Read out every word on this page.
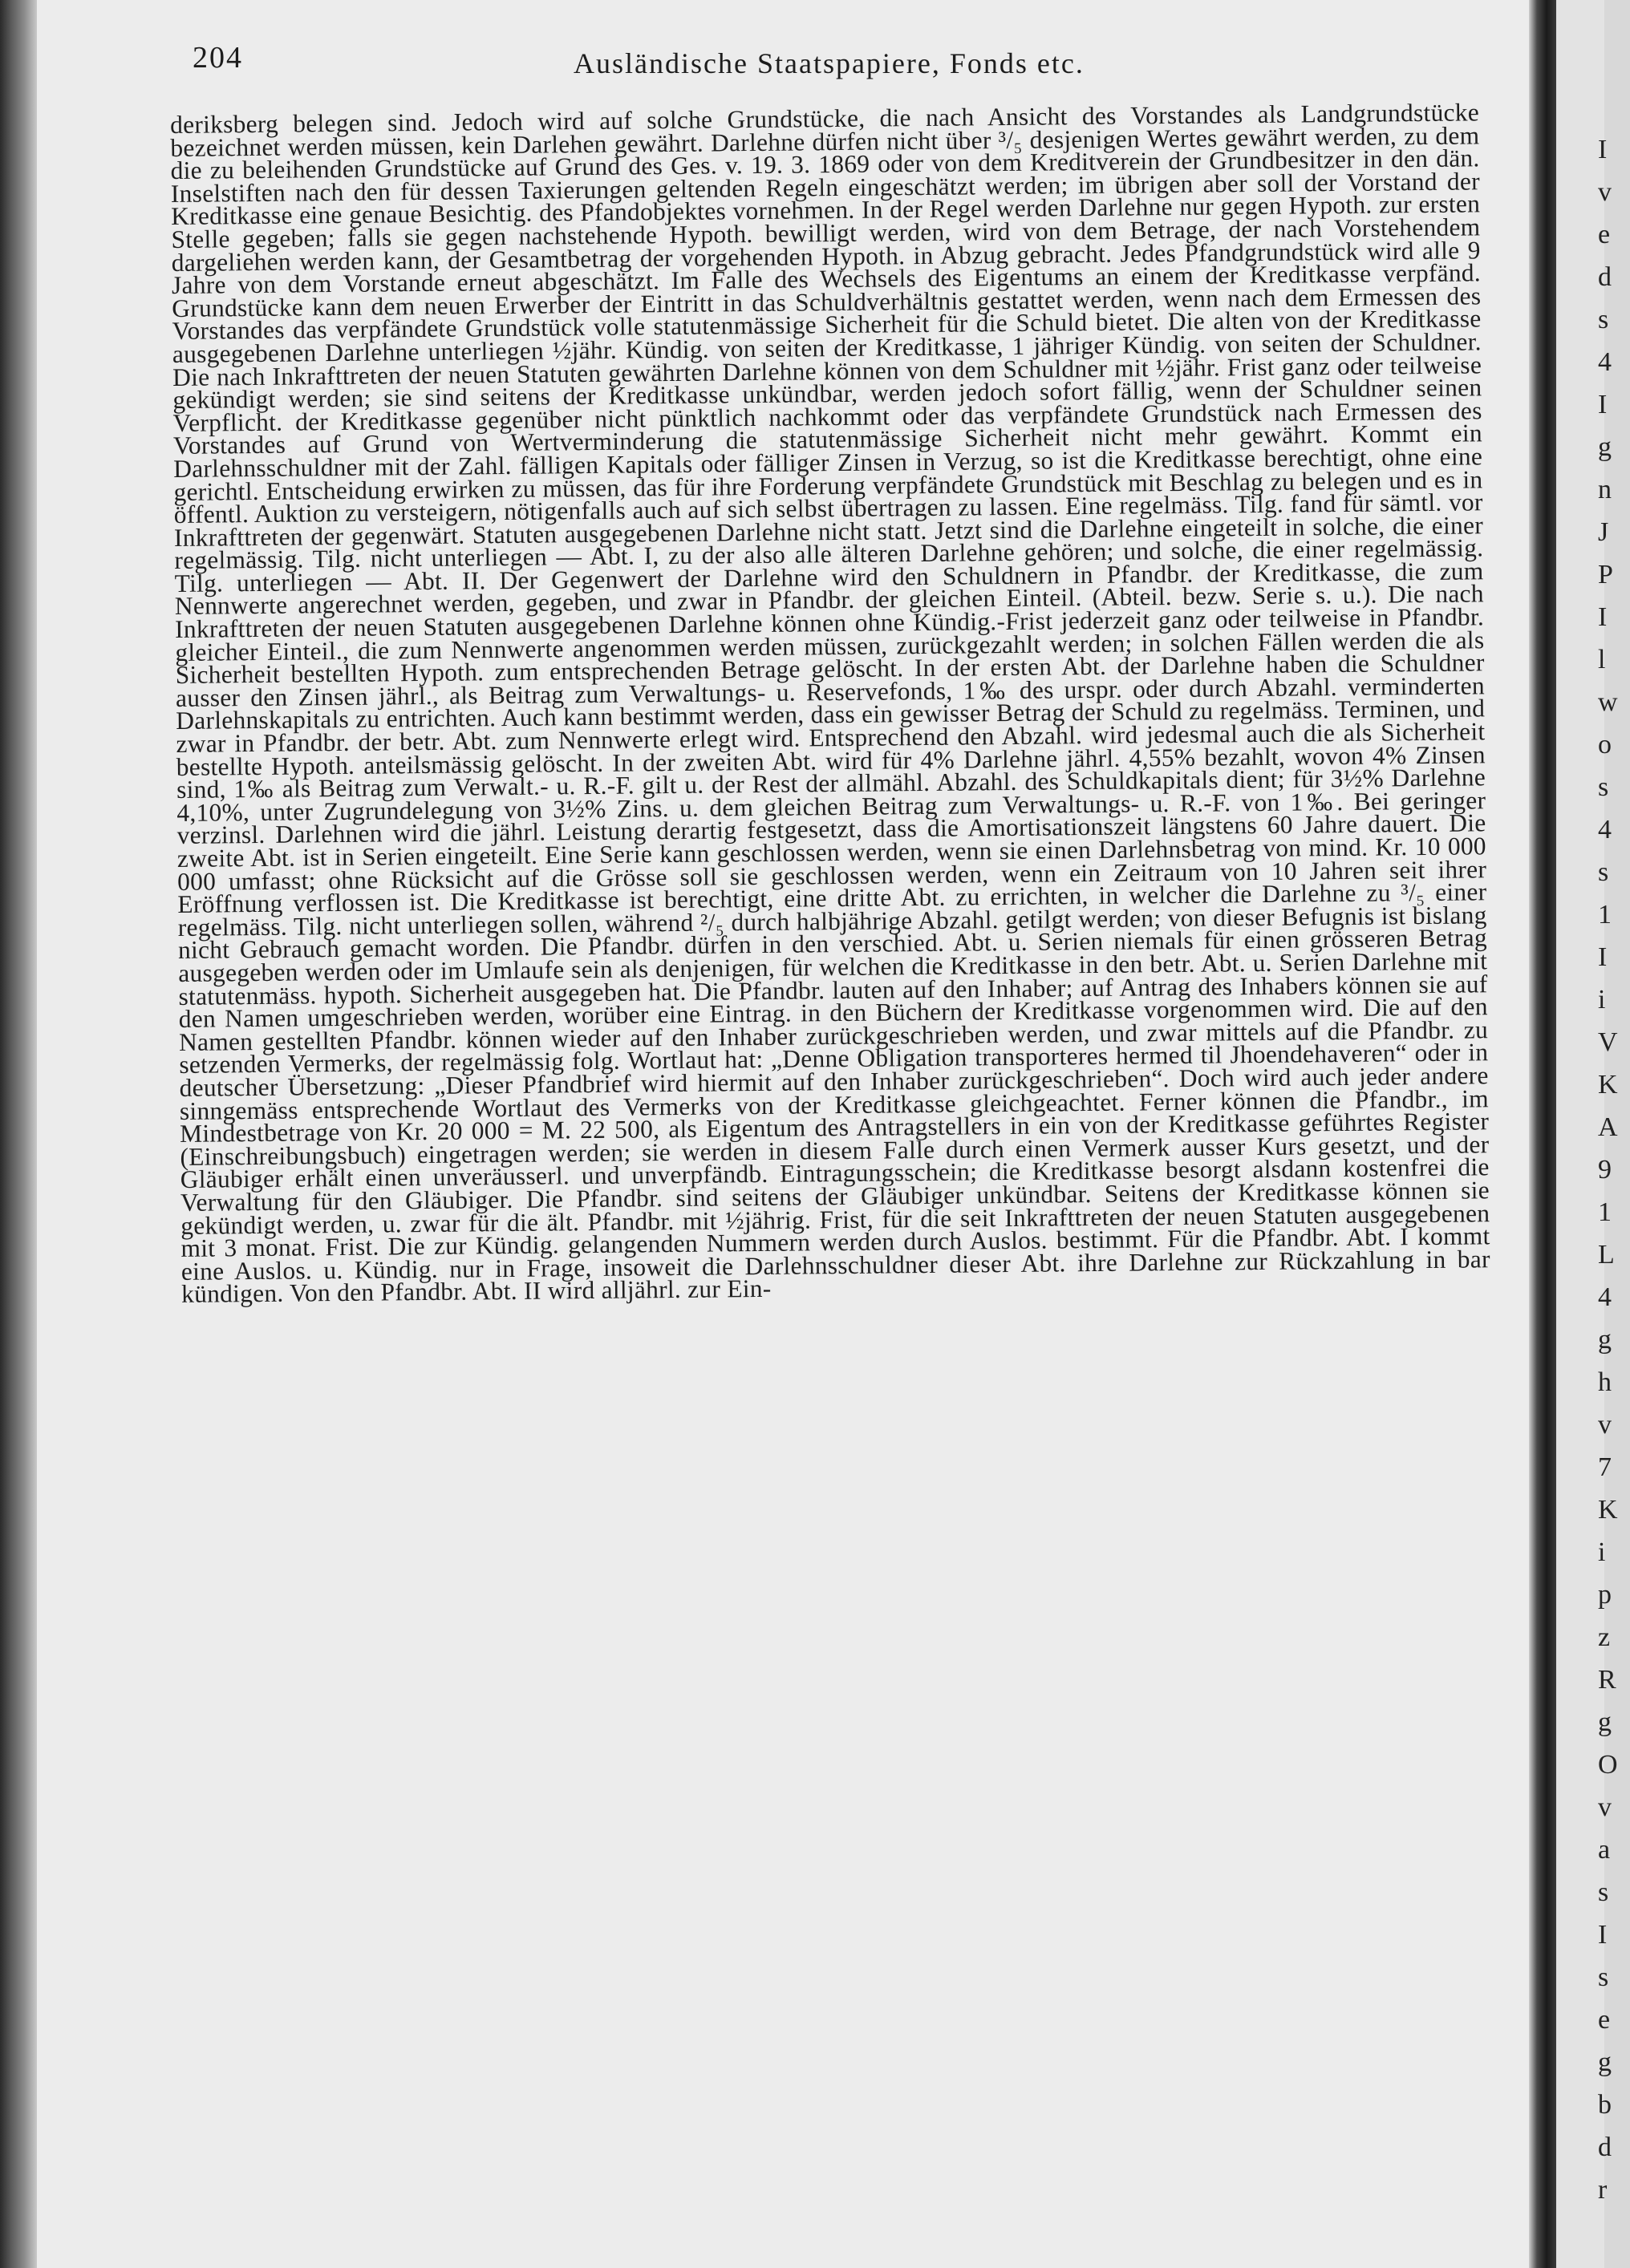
204	Ausländische Staatspapiere, Fonds etc.

deriksberg belegen sind. Jedoch wird auf solche Grundstücke, die nach Ansicht des Vorstandes als Landgrundstücke bezeichnet werden müssen, kein Darlehen gewährt. Darlehne dürfen nicht über ³/₅ desjenigen Wertes gewährt werden, zu dem die zu beleihenden Grundstücke auf Grund des Ges. v. 19. 3. 1869 oder von dem Kreditverein der Grundbesitzer in den dän. Inselstiften nach den für dessen Taxierungen geltenden Regeln eingeschätzt werden; im übrigen aber soll der Vorstand der Kreditkasse eine genaue Besichtig. des Pfandobjektes vornehmen. In der Regel werden Darlehne nur gegen Hypoth. zur ersten Stelle gegeben; falls sie gegen nachstehende Hypoth. bewilligt werden, wird von dem Betrage, der nach Vorstehendem dargeliehen werden kann, der Gesamtbetrag der vorgehenden Hypoth. in Abzug gebracht. Jedes Pfandgrundstück wird alle 9 Jahre von dem Vorstande erneut abgeschätzt. Im Falle des Wechsels des Eigentums an einem der Kreditkasse verpfänd. Grundstücke kann dem neuen Erwerber der Eintritt in das Schuldverhältnis gestattet werden, wenn nach dem Ermessen des Vorstandes das verpfändete Grundstück volle statutenmässige Sicherheit für die Schuld bietet. Die alten von der Kreditkasse ausgegebenen Darlehne unterliegen ½jähr. Kündig. von seiten der Kreditkasse, 1 jähriger Kündig. von seiten der Schuldner. Die nach Inkrafttreten der neuen Statuten gewährten Darlehne können von dem Schuldner mit ½jähr. Frist ganz oder teilweise gekündigt werden; sie sind seitens der Kreditkasse unkündbar, werden jedoch sofort fällig, wenn der Schuldner seinen Verpflicht. der Kreditkasse gegenüber nicht pünktlich nachkommt oder das verpfändete Grundstück nach Ermessen des Vorstandes auf Grund von Wertverminderung die statutenmässige Sicherheit nicht mehr gewährt. Kommt ein Darlehnsschuldner mit der Zahl. fälligen Kapitals oder fälliger Zinsen in Verzug, so ist die Kreditkasse berechtigt, ohne eine gerichtl. Entscheidung erwirken zu müssen, das für ihre Forderung verpfändete Grundstück mit Beschlag zu belegen und es in öffentl. Auktion zu versteigern, nötigenfalls auch auf sich selbst übertragen zu lassen. Eine regelmäss. Tilg. fand für sämtl. vor Inkrafttreten der gegenwärt. Statuten ausgegebenen Darlehne nicht statt. Jetzt sind die Darlehne eingeteilt in solche, die einer regelmässig. Tilg. nicht unterliegen — Abt. I, zu der also alle älteren Darlehne gehören; und solche, die einer regelmässig. Tilg. unterliegen — Abt. II. Der Gegenwert der Darlehne wird den Schuldnern in Pfandbr. der Kreditkasse, die zum Nennwerte angerechnet werden, gegeben, und zwar in Pfandbr. der gleichen Einteil. (Abteil. bezw. Serie s. u.). Die nach Inkrafttreten der neuen Statuten ausgegebenen Darlehne können ohne Kündig.-Frist jederzeit ganz oder teilweise in Pfandbr. gleicher Einteil., die zum Nennwerte angenommen werden müssen, zurückgezahlt werden; in solchen Fällen werden die als Sicherheit bestellten Hypoth. zum entsprechenden Betrage gelöscht. In der ersten Abt. der Darlehne haben die Schuldner ausser den Zinsen jährl., als Beitrag zum Verwaltungs- u. Reservefonds, 1‰ des urspr. oder durch Abzahl. verminderten Darlehnskapitals zu entrichten. Auch kann bestimmt werden, dass ein gewisser Betrag der Schuld zu regelmäss. Terminen, und zwar in Pfandbr. der betr. Abt. zum Nennwerte erlegt wird. Entsprechend den Abzahl. wird jedesmal auch die als Sicherheit bestellte Hypoth. anteilsmässig gelöscht. In der zweiten Abt. wird für 4% Darlehne jährl. 4,55% bezahlt, wovon 4% Zinsen sind, 1‰ als Beitrag zum Verwalt.- u. R.-F. gilt u. der Rest der allmähl. Abzahl. des Schuldkapitals dient; für 3½% Darlehne 4,10%, unter Zugrundelegung von 3½% Zins. u. dem gleichen Beitrag zum Verwaltungs- u. R.-F. von 1‰. Bei geringer verzinsl. Darlehnen wird die jährl. Leistung derartig festgesetzt, dass die Amortisationszeit längstens 60 Jahre dauert. Die zweite Abt. ist in Serien eingeteilt. Eine Serie kann geschlossen werden, wenn sie einen Darlehnsbetrag von mind. Kr. 10 000 000 umfasst; ohne Rücksicht auf die Grösse soll sie geschlossen werden, wenn ein Zeitraum von 10 Jahren seit ihrer Eröffnung verflossen ist. Die Kreditkasse ist berechtigt, eine dritte Abt. zu errichten, in welcher die Darlehne zu ³/₅ einer regelmäss. Tilg. nicht unterliegen sollen, während ²/₅ durch halbjährige Abzahl. getilgt werden; von dieser Befugnis ist bislang nicht Gebrauch gemacht worden. Die Pfandbr. dürfen in den verschied. Abt. u. Serien niemals für einen grösseren Betrag ausgegeben werden oder im Umlaufe sein als denjenigen, für welchen die Kreditkasse in den betr. Abt. u. Serien Darlehne mit statutenmäss. hypoth. Sicherheit ausgegeben hat. Die Pfandbr. lauten auf den Inhaber; auf Antrag des Inhabers können sie auf den Namen umgeschrieben werden, worüber eine Eintrag. in den Büchern der Kreditkasse vorgenommen wird. Die auf den Namen gestellten Pfandbr. können wieder auf den Inhaber zurückgeschrieben werden, und zwar mittels auf die Pfandbr. zu setzenden Vermerks, der regelmässig folg. Wortlaut hat: „Denne Obligation transporteres hermed til Jhoendehaveren“ oder in deutscher Übersetzung: „Dieser Pfandbrief wird hiermit auf den Inhaber zurückgeschrieben“. Doch wird auch jeder andere sinngemäss entsprechende Wortlaut des Vermerks von der Kreditkasse gleichgeachtet. Ferner können die Pfandbr., im Mindestbetrage von Kr. 20 000 = M. 22 500, als Eigentum des Antragstellers in ein von der Kreditkasse geführtes Register (Einschreibungsbuch) eingetragen werden; sie werden in diesem Falle durch einen Vermerk ausser Kurs gesetzt, und der Gläubiger erhält einen unveräusserl. und unverpfändb. Eintragungsschein; die Kreditkasse besorgt alsdann kostenfrei die Verwaltung für den Gläubiger. Die Pfandbr. sind seitens der Gläubiger unkündbar. Seitens der Kreditkasse können sie gekündigt werden, u. zwar für die ält. Pfandbr. mit ½jährig. Frist, für die seit Inkrafttreten der neuen Statuten ausgegebenen mit 3 monat. Frist. Die zur Kündig. gelangenden Nummern werden durch Auslos. bestimmt. Für die Pfandbr. Abt. I kommt eine Auslos. u. Kündig. nur in Frage, insoweit die Darlehnsschuldner dieser Abt. ihre Darlehne zur Rückzahlung in bar kündigen. Von den Pfandbr. Abt. II wird alljährl. zur Ein-

I
v
e
d
s
4
I
g
n
J
P
I
l
w
o
s
4
s
1
I
i
V
K
A
9
1
L
4
g
h
v
7
K
i
p
z
R
g
O
v
a
s
I
s
e
g
b
d
r
